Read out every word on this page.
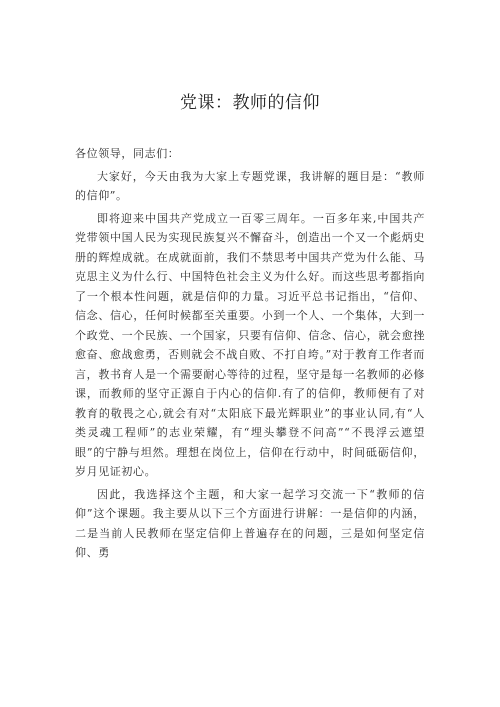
党课：教师的信仰

各位领导，同志们：

大家好，今天由我为大家上专题党课，我讲解的题目是：“教师的信仰”。

即将迎来中国共产党成立一百零三周年。一百多年来,中国共产党带领中国人民为实现民族复兴不懈奋斗，创造出一个又一个彪炳史册的辉煌成就。在成就面前，我们不禁思考中国共产党为什么能、马克思主义为什么行、中国特色社会主义为什么好。而这些思考都指向了一个根本性问题，就是信仰的力量。习近平总书记指出，“信仰、信念、信心，任何时候都至关重要。小到一个人、一个集体，大到一个政党、一个民族、一个国家，只要有信仰、信念、信心，就会愈挫愈奋、愈战愈勇，否则就会不战自败、不打自垮。”对于教育工作者而言，教书育人是一个需要耐心等待的过程，坚守是每一名教师的必修课，而教师的坚守正源自于内心的信仰.有了的信仰，教师便有了对教育的敬畏之心,就会有对“太阳底下最光辉职业”的事业认同,有“人类灵魂工程师”的志业荣耀，有“埋头攀登不问高”“不畏浮云遮望眼”的宁静与坦然。理想在岗位上，信仰在行动中，时间砥砺信仰，岁月见证初心。

因此，我选择这个主题，和大家一起学习交流一下“教师的信仰”这个课题。我主要从以下三个方面进行讲解：一是信仰的内涵，二是当前人民教师在坚定信仰上普遍存在的问题，三是如何坚定信仰、勇
